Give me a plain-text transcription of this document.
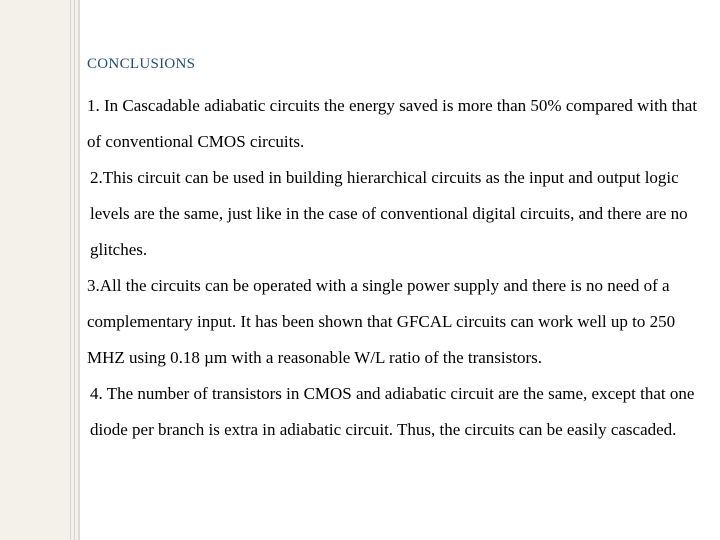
CONCLUSIONS

1. In Cascadable adiabatic circuits the energy saved is more than 50% compared with that of conventional CMOS circuits.

2.This circuit can be used in building hierarchical circuits as the input and output logic levels are the same, just like in the case of conventional digital circuits, and there are no glitches.

3.All the circuits can be operated with a single power supply and there is no need of a complementary input. It has been shown that GFCAL circuits can work well up to 250 MHZ using 0.18 µm with a reasonable W/L ratio of the transistors.

4. The number of transistors in CMOS and adiabatic circuit are the same, except that one diode per branch is extra in adiabatic circuit. Thus, the circuits can be easily cascaded.
